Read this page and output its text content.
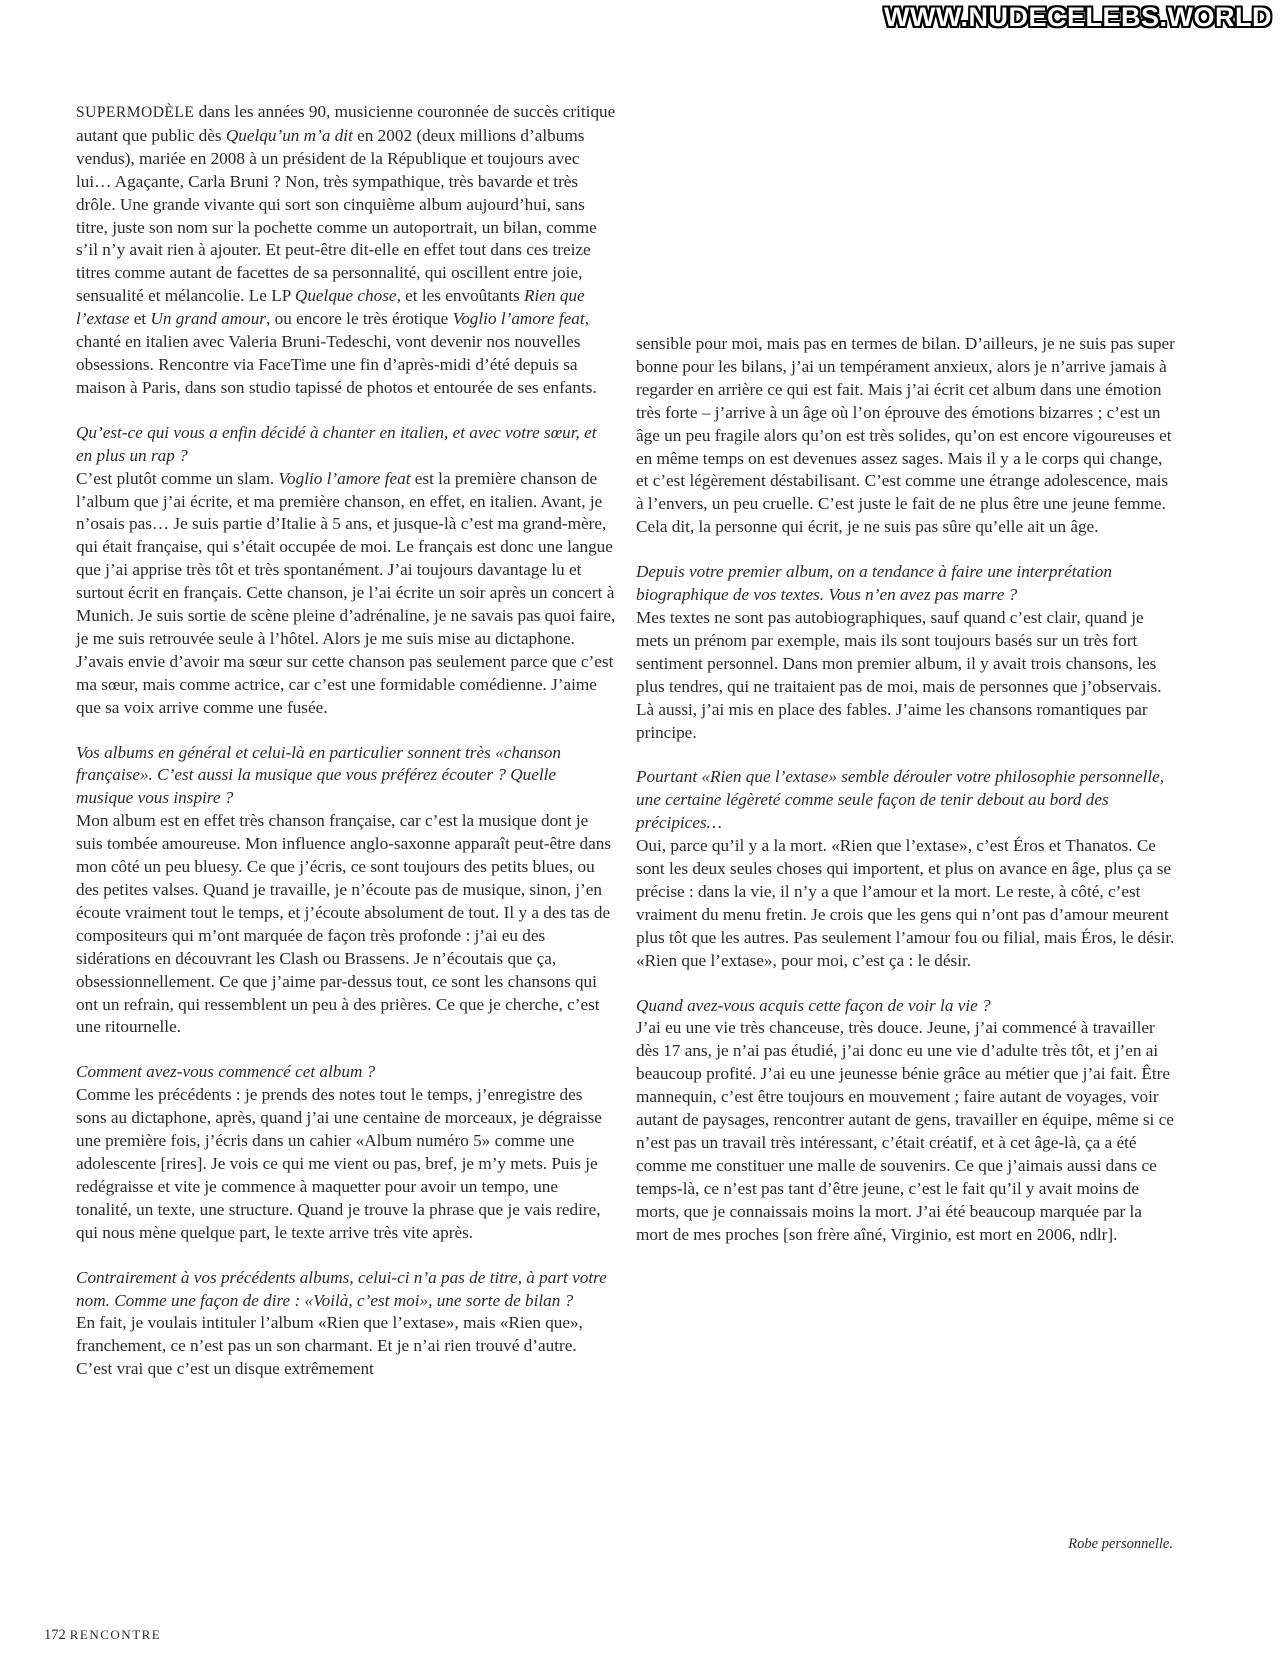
WWW.NUDECELEBS.WORLD

SUPERMODÈLE dans les années 90, musicienne couronnée de succès critique autant que public dès Quelqu’un m’a dit en 2002 (deux millions d’albums vendus), mariée en 2008 à un président de la République et toujours avec lui… Agaçante, Carla Bruni ? Non, très sympathique, très bavarde et très drôle. Une grande vivante qui sort son cinquième album aujourd’hui, sans titre, juste son nom sur la pochette comme un autoportrait, un bilan, comme s’il n’y avait rien à ajouter. Et peut-être dit-elle en effet tout dans ces treize titres comme autant de facettes de sa personnalité, qui oscillent entre joie, sensualité et mélancolie. Le LP Quelque chose, et les envoûtants Rien que l’extase et Un grand amour, ou encore le très érotique Voglio l’amore feat, chanté en italien avec Valeria Bruni-Tedeschi, vont devenir nos nouvelles obsessions. Rencontre via FaceTime une fin d’après-midi d’été depuis sa maison à Paris, dans son studio tapissé de photos et entourée de ses enfants.

Qu’est-ce qui vous a enfin décidé à chanter en italien, et avec votre sœur, et en plus un rap ?

C’est plutôt comme un slam. Voglio l’amore feat est la première chanson de l’album que j’ai écrite, et ma première chanson, en effet, en italien. Avant, je n’osais pas… Je suis partie d’Italie à 5 ans, et jusque-là c’est ma grand-mère, qui était française, qui s’était occupée de moi. Le français est donc une langue que j’ai apprise très tôt et très spontanément. J’ai toujours davantage lu et surtout écrit en français. Cette chanson, je l’ai écrite un soir après un concert à Munich. Je suis sortie de scène pleine d’adrénaline, je ne savais pas quoi faire, je me suis retrouvée seule à l’hôtel. Alors je me suis mise au dictaphone. J’avais envie d’avoir ma sœur sur cette chanson pas seulement parce que c’est ma sœur, mais comme actrice, car c’est une formidable comédienne. J’aime que sa voix arrive comme une fusée.

Vos albums en général et celui-là en particulier sonnent très «chanson française». C’est aussi la musique que vous préférez écouter ? Quelle musique vous inspire ?

Mon album est en effet très chanson française, car c’est la musique dont je suis tombée amoureuse. Mon influence anglo-saxonne apparaît peut-être dans mon côté un peu bluesy. Ce que j’écris, ce sont toujours des petits blues, ou des petites valses. Quand je travaille, je n’écoute pas de musique, sinon, j’en écoute vraiment tout le temps, et j’écoute absolument de tout. Il y a des tas de compositeurs qui m’ont marquée de façon très profonde : j’ai eu des sidérations en découvrant les Clash ou Brassens. Je n’écoutais que ça, obsessionnellement. Ce que j’aime par-dessus tout, ce sont les chansons qui ont un refrain, qui ressemblent un peu à des prières. Ce que je cherche, c’est une ritournelle.

Comment avez-vous commencé cet album ?

Comme les précédents : je prends des notes tout le temps, j’enregistre des sons au dictaphone, après, quand j’ai une centaine de morceaux, je dégraisse une première fois, j’écris dans un cahier «Album numéro 5» comme une adolescente [rires]. Je vois ce qui me vient ou pas, bref, je m’y mets. Puis je redégraisse et vite je commence à maquetter pour avoir un tempo, une tonalité, un texte, une structure. Quand je trouve la phrase que je vais redire, qui nous mène quelque part, le texte arrive très vite après.

Contrairement à vos précédents albums, celui-ci n’a pas de titre, à part votre nom. Comme une façon de dire : «Voilà, c’est moi», une sorte de bilan ?

En fait, je voulais intituler l’album «Rien que l’extase», mais «Rien que», franchement, ce n’est pas un son charmant. Et je n’ai rien trouvé d’autre. C’est vrai que c’est un disque extrêmement

sensible pour moi, mais pas en termes de bilan. D’ailleurs, je ne suis pas super bonne pour les bilans, j’ai un tempérament anxieux, alors je n’arrive jamais à regarder en arrière ce qui est fait. Mais j’ai écrit cet album dans une émotion très forte – j’arrive à un âge où l’on éprouve des émotions bizarres ; c’est un âge un peu fragile alors qu’on est très solides, qu’on est encore vigoureuses et en même temps on est devenues assez sages. Mais il y a le corps qui change, et c’est légèrement déstabilisant. C’est comme une étrange adolescence, mais à l’envers, un peu cruelle. C’est juste le fait de ne plus être une jeune femme. Cela dit, la personne qui écrit, je ne suis pas sûre qu’elle ait un âge.

Depuis votre premier album, on a tendance à faire une interprétation biographique de vos textes. Vous n’en avez pas marre ?

Mes textes ne sont pas autobiographiques, sauf quand c’est clair, quand je mets un prénom par exemple, mais ils sont toujours basés sur un très fort sentiment personnel. Dans mon premier album, il y avait trois chansons, les plus tendres, qui ne traitaient pas de moi, mais de personnes que j’observais. Là aussi, j’ai mis en place des fables. J’aime les chansons romantiques par principe.

Pourtant «Rien que l’extase» semble dérouler votre philosophie personnelle, une certaine légèreté comme seule façon de tenir debout au bord des précipices…

Oui, parce qu’il y a la mort. «Rien que l’extase», c’est Éros et Thanatos. Ce sont les deux seules choses qui importent, et plus on avance en âge, plus ça se précise : dans la vie, il n’y a que l’amour et la mort. Le reste, à côté, c’est vraiment du menu fretin. Je crois que les gens qui n’ont pas d’amour meurent plus tôt que les autres. Pas seulement l’amour fou ou filial, mais Éros, le désir. «Rien que l’extase», pour moi, c’est ça : le désir.

Quand avez-vous acquis cette façon de voir la vie ?

J’ai eu une vie très chanceuse, très douce. Jeune, j’ai commencé à travailler dès 17 ans, je n’ai pas étudié, j’ai donc eu une vie d’adulte très tôt, et j’en ai beaucoup profité. J’ai eu une jeunesse bénie grâce au métier que j’ai fait. Être mannequin, c’est être toujours en mouvement ; faire autant de voyages, voir autant de paysages, rencontrer autant de gens, travailler en équipe, même si ce n’est pas un travail très intéressant, c’était créatif, et à cet âge-là, ça a été comme me constituer une malle de souvenirs. Ce que j’aimais aussi dans ce temps-là, ce n’est pas tant d’être jeune, c’est le fait qu’il y avait moins de morts, que je connaissais moins la mort. J’ai été beaucoup marquée par la mort de mes proches [son frère aîné, Virginio, est mort en 2006, ndlr].

Robe personnelle.
172 RENCONTRE
